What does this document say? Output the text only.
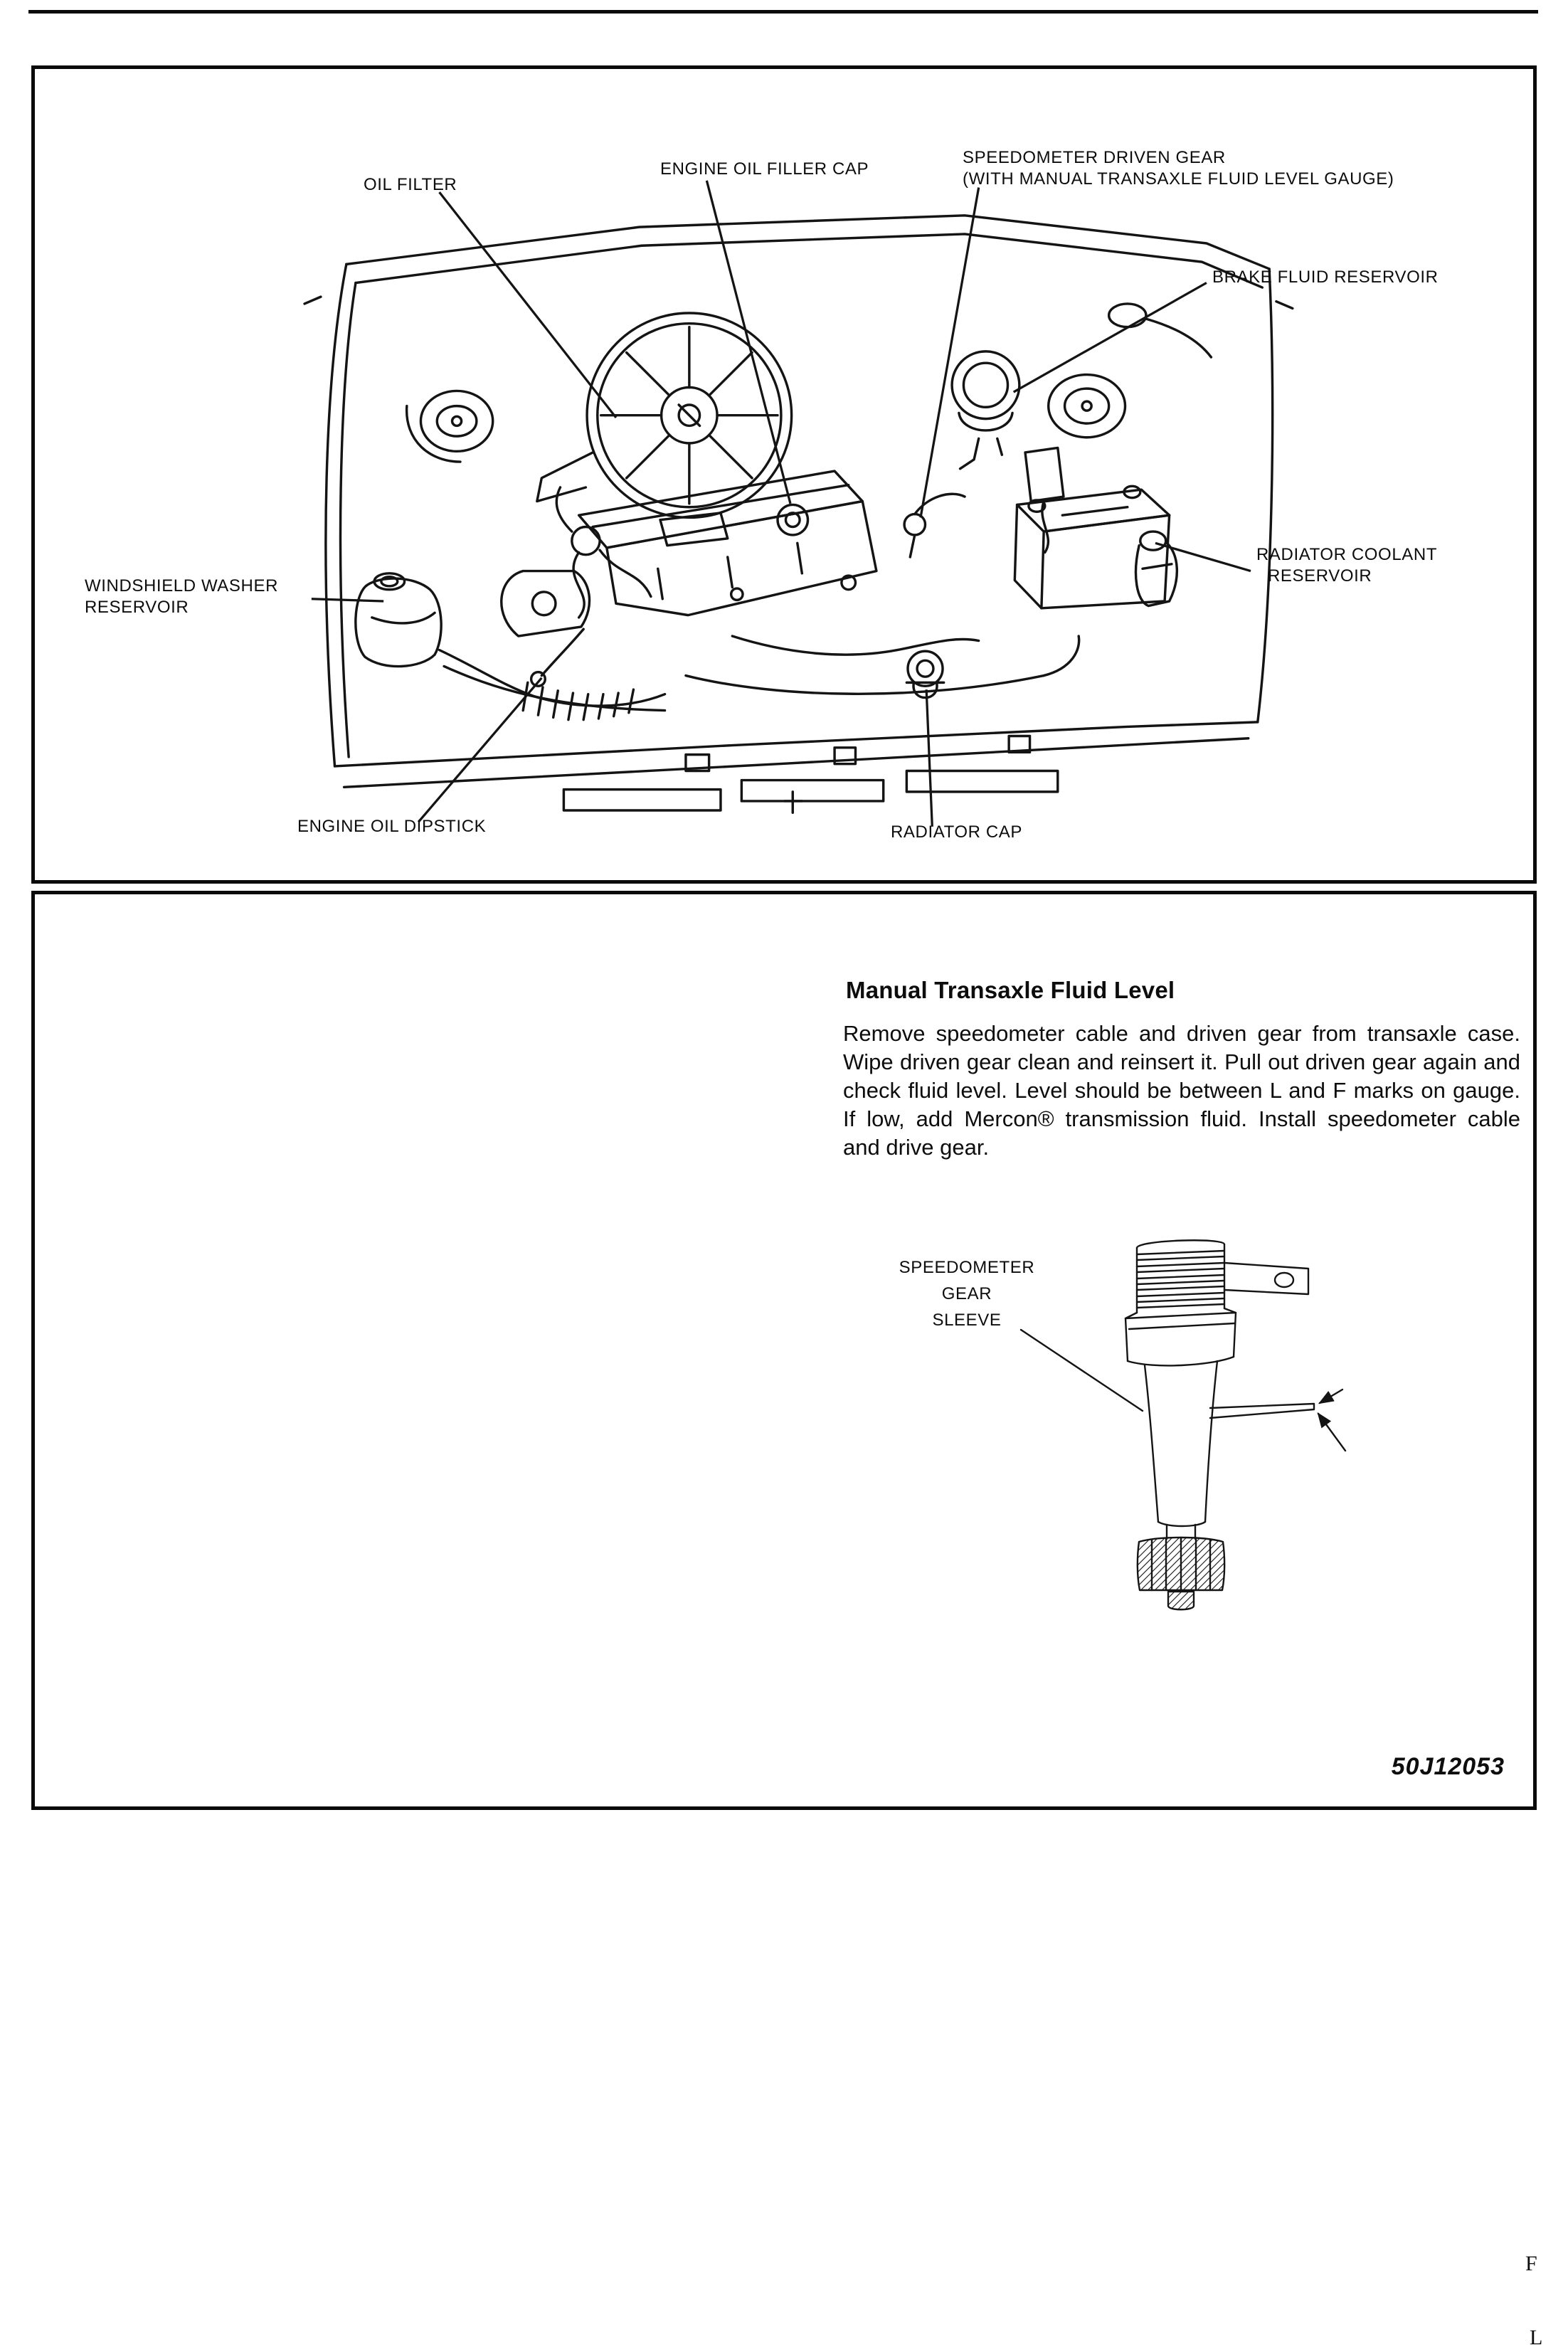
OIL FILTER
ENGINE OIL FILLER CAP
SPEEDOMETER DRIVEN GEAR
(WITH MANUAL TRANSAXLE FLUID LEVEL GAUGE)
BRAKE FLUID RESERVOIR
RADIATOR COOLANT
RESERVOIR
WINDSHIELD WASHER
RESERVOIR
ENGINE OIL DIPSTICK	RADIATOR CAP
Manual Transaxle Fluid Level
Remove speedometer cable and driven gear from transaxle case. Wipe driven gear clean and reinsert it. Pull out driven gear again and check fluid level. Level should be between L and F marks on gauge. If low, add Mercon® transmission fluid. Install speedometer cable and drive gear.
SPEEDOMETER
GEAR
SLEEVE
F
L
50J12053
